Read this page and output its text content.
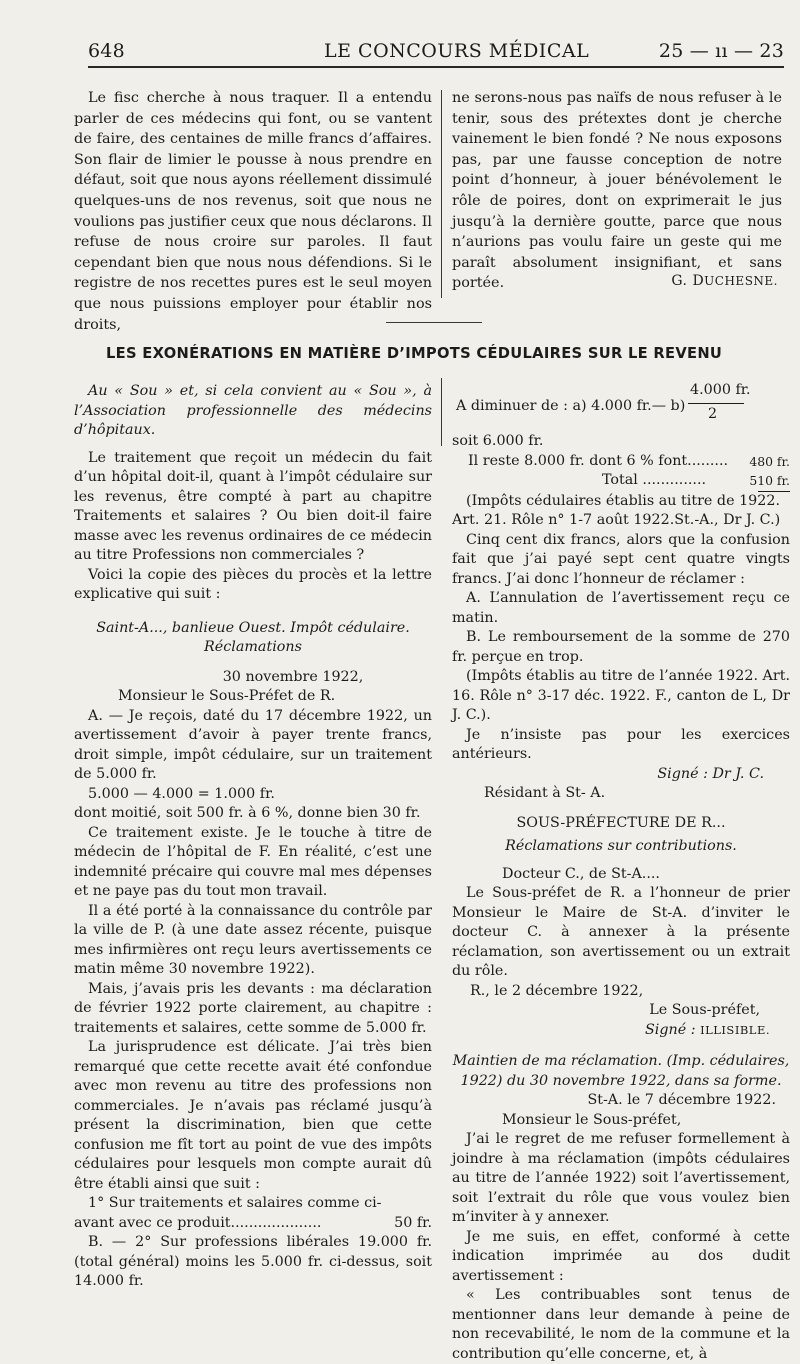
648	LE CONCOURS MÉDICAL	25 — ıı — 23

Le fisc cherche à nous traquer. Il a entendu parler de ces médecins qui font, ou se vantent de faire, des centaines de mille francs d’affaires. Son flair de limier le pousse à nous prendre en défaut, soit que nous ayons réellement dissimulé quelques-uns de nos revenus, soit que nous ne voulions pas justifier ceux que nous déclarons. Il refuse de nous croire sur paroles. Il faut cependant bien que nous nous défendions. Si le registre de nos recettes pures est le seul moyen que nous puissions employer pour établir nos droits,

ne serons-nous pas naïfs de nous refuser à le tenir, sous des prétextes dont je cherche vainement le bien fondé ? Ne nous exposons pas, par une fausse conception de notre point d’honneur, à jouer bénévolement le rôle de poires, dont on exprimerait le jus jusqu’à la dernière goutte, parce que nous n’aurions pas voulu faire un geste qui me paraît absolument insignifiant, et sans portée.	G. DUCHESNE.
LES EXONÉRATIONS EN MATIÈRE D’IMPOTS CÉDULAIRES SUR LE REVENU

Au « Sou » et, si cela convient au « Sou », à l’Association professionnelle des médecins d’hôpitaux.

Le traitement que reçoit un médecin du fait d’un hôpital doit-il, quant à l’impôt cédulaire sur les revenus, être compté à part au chapitre Traitements et salaires ? Ou bien doit-il faire masse avec les revenus ordinaires de ce médecin au titre Professions non commerciales ?

Voici la copie des pièces du procès et la lettre explicative qui suit :

Saint-A..., banlieue Ouest. Impôt cédulaire.

Réclamations

30 novembre 1922,

Monsieur le Sous-Préfet de R.

A. — Je reçois, daté du 17 décembre 1922, un avertissement d’avoir à payer trente francs, droit simple, impôt cédulaire, sur un traitement de 5.000 fr.

5.000 — 4.000 = 1.000 fr.

dont moitié, soit 500 fr. à 6 %, donne bien 30 fr.

Ce traitement existe. Je le touche à titre de médecin de l’hôpital de F. En réalité, c’est une indemnité précaire qui couvre mal mes dépenses et ne paye pas du tout mon travail.

Il a été porté à la connaissance du contrôle par la ville de P. (à une date assez récente, puisque mes infirmières ont reçu leurs avertissements ce matin même 30 novembre 1922).

Mais, j’avais pris les devants : ma déclaration de février 1922 porte clairement, au chapitre : traitements et salaires, cette somme de 5.000 fr.

La jurisprudence est délicate. J’ai très bien remarqué que cette recette avait été confondue avec mon revenu au titre des professions non commerciales. Je n’avais pas réclamé jusqu’à présent la discrimination, bien que cette confusion me fît tort au point de vue des impôts cédulaires pour lesquels mon compte aurait dû être établi ainsi que suit :

1° Sur traitements et salaires comme ci-

avant avec ce produit....................	50 fr.

B. — 2° Sur professions libérales 19.000 fr. (total général) moins les 5.000 fr. ci-dessus, soit 14.000 fr.

A diminuer de : a) 4.000 fr.— b)
4.000 fr.
2

soit 6.000 fr.

Il reste 8.000 fr. dont 6 % font......... 480 fr.
Total ..............	510 fr.

(Impôts cédulaires établis au titre de 1922.

Art. 21. Rôle n° 1-7 août 1922.St.-A., Dr J. C.)

Cinq cent dix francs, alors que la confusion fait que j’ai payé sept cent quatre vingts francs. J’ai donc l’honneur de réclamer :

A. L’annulation de l’avertissement reçu ce matin.

B. Le remboursement de la somme de 270 fr. perçue en trop.

(Impôts établis au titre de l’année 1922. Art. 16. Rôle n° 3-17 déc. 1922. F., canton de L, Dr J. C.).

Je n’insiste pas pour les exercices antérieurs.

Signé : Dr J. C.

Résidant à St- A.

SOUS-PRÉFECTURE DE R...

Réclamations sur contributions.

Docteur C., de St-A....

Le Sous-préfet de R. a l’honneur de prier Monsieur le Maire de St-A. d’inviter le docteur C. à annexer à la présente réclamation, son avertissement ou un extrait du rôle.

R., le 2 décembre 1922,

Le Sous-préfet,

Signé : ILLISIBLE.

Maintien de ma réclamation. (Imp. cédulaires, 1922) du 30 novembre 1922, dans sa forme.

St-A. le 7 décembre 1922.

Monsieur le Sous-préfet,

J’ai le regret de me refuser formellement à joindre à ma réclamation (impôts cédulaires au titre de l’année 1922) soit l’avertissement, soit l’extrait du rôle que vous voulez bien m’inviter à y annexer.

Je me suis, en effet, conformé à cette indication imprimée au dos dudit avertissement :

« Les contribuables sont tenus de mentionner dans leur demande à peine de non recevabilité, le nom de la commune et la contribution qu’elle concerne, et, à
